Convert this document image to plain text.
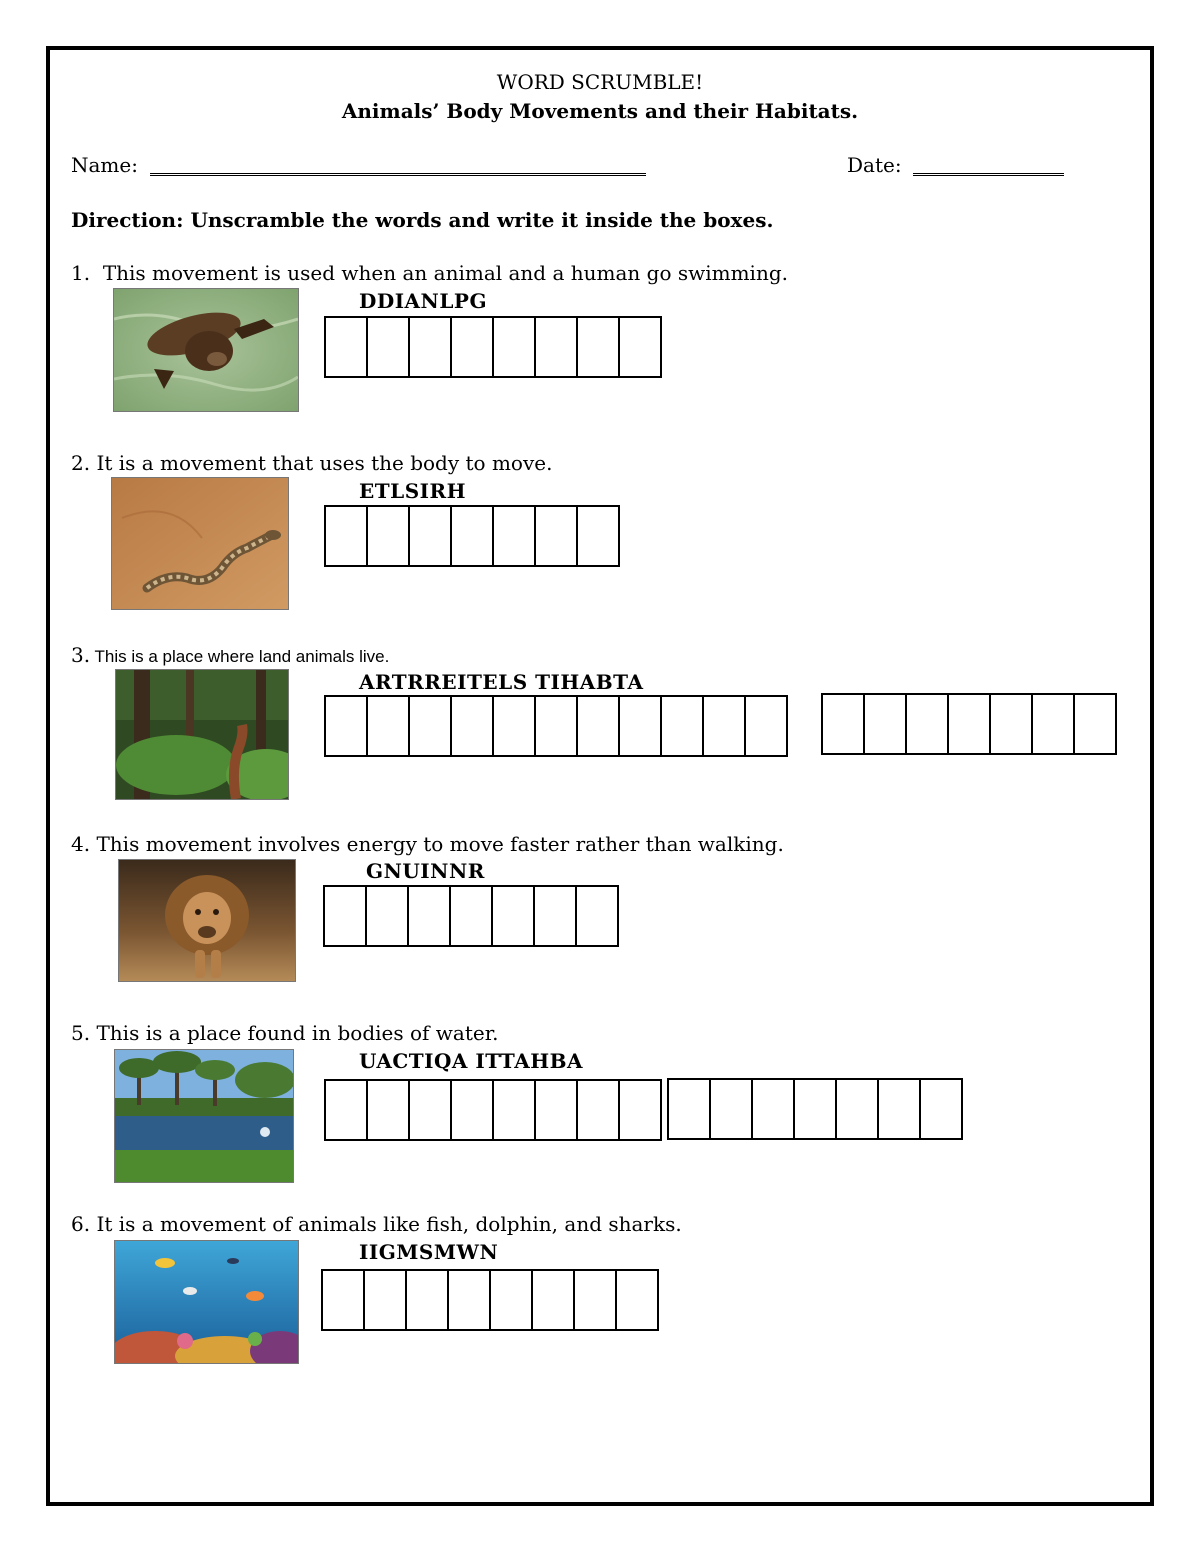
WORD SCRUMBLE!
Animals’ Body Movements and their Habitats.
Name:	Date:
Direction: Unscramble the words and write it inside the boxes.
1. This movement is used when an animal and a human go swimming.
DDIANLPG
2. It is a movement that uses the body to move.
ETLSIRH
3. This is a place where land animals live.
ARTRREITELS TIHABTA
4. This movement involves energy to move faster rather than walking.
GNUINNR
5. This is a place found in bodies of water.
UACTIQA ITTAHBA
6. It is a movement of animals like fish, dolphin, and sharks.
IIGMSMWN
